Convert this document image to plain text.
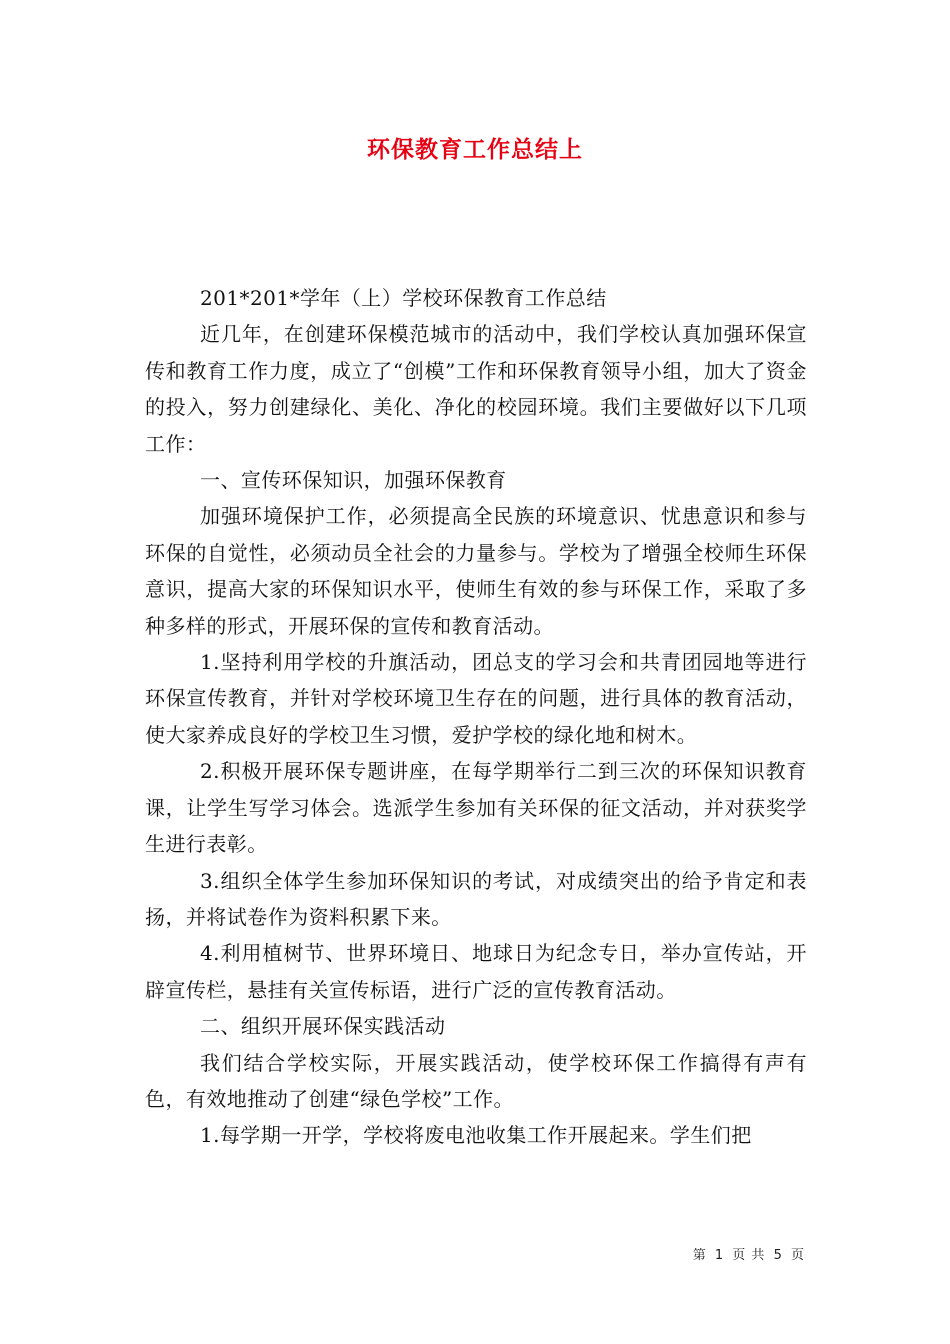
环保教育工作总结上

201*201*学年（上）学校环保教育工作总结

近几年，在创建环保模范城市的活动中，我们学校认真加强环保宣传和教育工作力度，成立了“创模”工作和环保教育领导小组，加大了资金的投入，努力创建绿化、美化、净化的校园环境。我们主要做好以下几项工作：

一、宣传环保知识，加强环保教育

加强环境保护工作，必须提高全民族的环境意识、忧患意识和参与环保的自觉性，必须动员全社会的力量参与。学校为了增强全校师生环保意识，提高大家的环保知识水平，使师生有效的参与环保工作，采取了多种多样的形式，开展环保的宣传和教育活动。

1.坚持利用学校的升旗活动，团总支的学习会和共青团园地等进行环保宣传教育，并针对学校环境卫生存在的问题，进行具体的教育活动，使大家养成良好的学校卫生习惯，爱护学校的绿化地和树木。

2.积极开展环保专题讲座，在每学期举行二到三次的环保知识教育课，让学生写学习体会。选派学生参加有关环保的征文活动，并对获奖学生进行表彰。

3.组织全体学生参加环保知识的考试，对成绩突出的给予肯定和表扬，并将试卷作为资料积累下来。

4.利用植树节、世界环境日、地球日为纪念专日，举办宣传站，开辟宣传栏，悬挂有关宣传标语，进行广泛的宣传教育活动。

二、组织开展环保实践活动

我们结合学校实际，开展实践活动，使学校环保工作搞得有声有色，有效地推动了创建“绿色学校”工作。

1.每学期一开学，学校将废电池收集工作开展起来。学生们把

第 1 页 共 5 页
